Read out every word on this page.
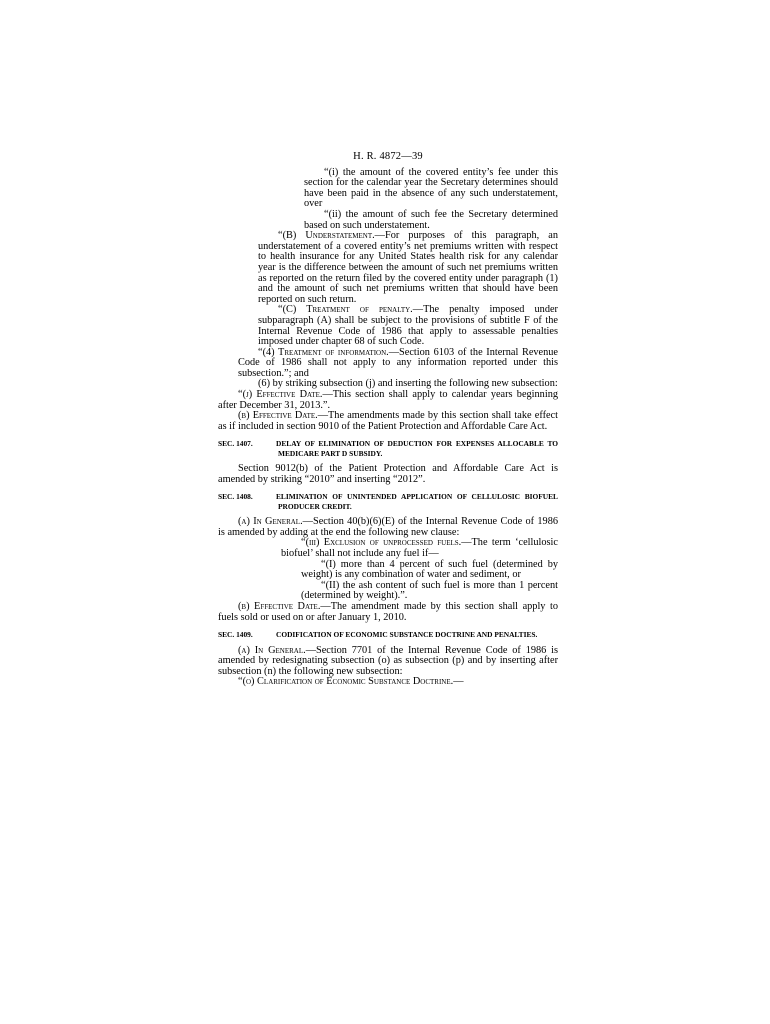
H. R. 4872—39

“(i) the amount of the covered entity’s fee under this section for the calendar year the Secretary determines should have been paid in the absence of any such understatement, over

“(ii) the amount of such fee the Secretary determined based on such understatement.

“(B) Understatement.—For purposes of this paragraph, an understatement of a covered entity’s net premiums written with respect to health insurance for any United States health risk for any calendar year is the difference between the amount of such net premiums written as reported on the return filed by the covered entity under paragraph (1) and the amount of such net premiums written that should have been reported on such return.

“(C) Treatment of penalty.—The penalty imposed under subparagraph (A) shall be subject to the provisions of subtitle F of the Internal Revenue Code of 1986 that apply to assessable penalties imposed under chapter 68 of such Code.

“(4) Treatment of information.—Section 6103 of the Internal Revenue Code of 1986 shall not apply to any information reported under this subsection.”; and

(6) by striking subsection (j) and inserting the following new subsection:

“(j) Effective Date.—This section shall apply to calendar years beginning after December 31, 2013.”.

(b) Effective Date.—The amendments made by this section shall take effect as if included in section 9010 of the Patient Protection and Affordable Care Act.

SEC. 1407.	DELAY OF ELIMINATION OF DEDUCTION FOR EXPENSES ALLOCABLE TO MEDICARE PART D SUBSIDY.

Section 9012(b) of the Patient Protection and Affordable Care Act is amended by striking “2010” and inserting “2012”.

SEC. 1408.	ELIMINATION OF UNINTENDED APPLICATION OF CELLULOSIC BIOFUEL PRODUCER CREDIT.

(a) In General.—Section 40(b)(6)(E) of the Internal Revenue Code of 1986 is amended by adding at the end the following new clause:

“(iii) Exclusion of unprocessed fuels.—The term ‘cellulosic biofuel’ shall not include any fuel if—

“(I) more than 4 percent of such fuel (determined by weight) is any combination of water and sediment, or

“(II) the ash content of such fuel is more than 1 percent (determined by weight).”.

(b) Effective Date.—The amendment made by this section shall apply to fuels sold or used on or after January 1, 2010.

SEC. 1409.	CODIFICATION OF ECONOMIC SUBSTANCE DOCTRINE AND PENALTIES.

(a) In General.—Section 7701 of the Internal Revenue Code of 1986 is amended by redesignating subsection (o) as subsection (p) and by inserting after subsection (n) the following new subsection:

“(o) Clarification of Economic Substance Doctrine.—
